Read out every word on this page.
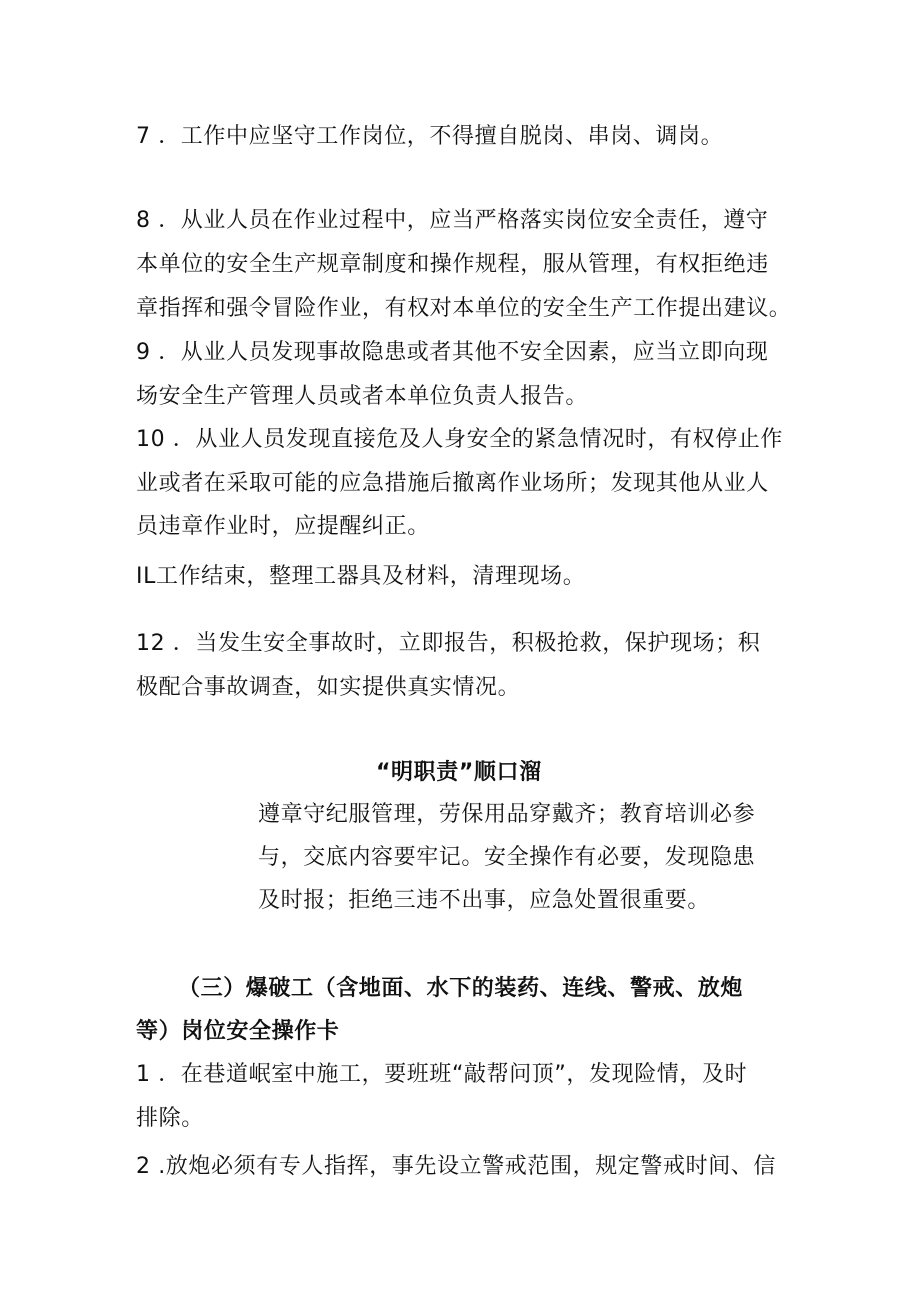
7 ．工作中应坚守工作岗位，不得擅自脱岗、串岗、调岗。
8 ．从业人员在作业过程中，应当严格落实岗位安全责任，遵守
本单位的安全生产规章制度和操作规程，服从管理，有权拒绝违
章指挥和强令冒险作业，有权对本单位的安全生产工作提出建议。
9 ．从业人员发现事故隐患或者其他不安全因素，应当立即向现
场安全生产管理人员或者本单位负责人报告。
10 ．从业人员发现直接危及人身安全的紧急情况时，有权停止作
业或者在采取可能的应急措施后撤离作业场所；发现其他从业人
员违章作业时，应提醒纠正。
IL工作结束，整理工器具及材料，清理现场。
12 ．当发生安全事故时，立即报告，积极抢救，保护现场；积
极配合事故调查，如实提供真实情况。
“明职责”顺口溜
遵章守纪服管理，劳保用品穿戴齐；教育培训必参
与，交底内容要牢记。安全操作有必要，发现隐患
及时报；拒绝三违不出事，应急处置很重要。
（三）爆破工（含地面、水下的装药、连线、警戒、放炮
等）岗位安全操作卡
1 ．在巷道岷室中施工，要班班“敲帮问顶”，发现险情，及时
排除。
2 .放炮必须有专人指挥，事先设立警戒范围，规定警戒时间、信
